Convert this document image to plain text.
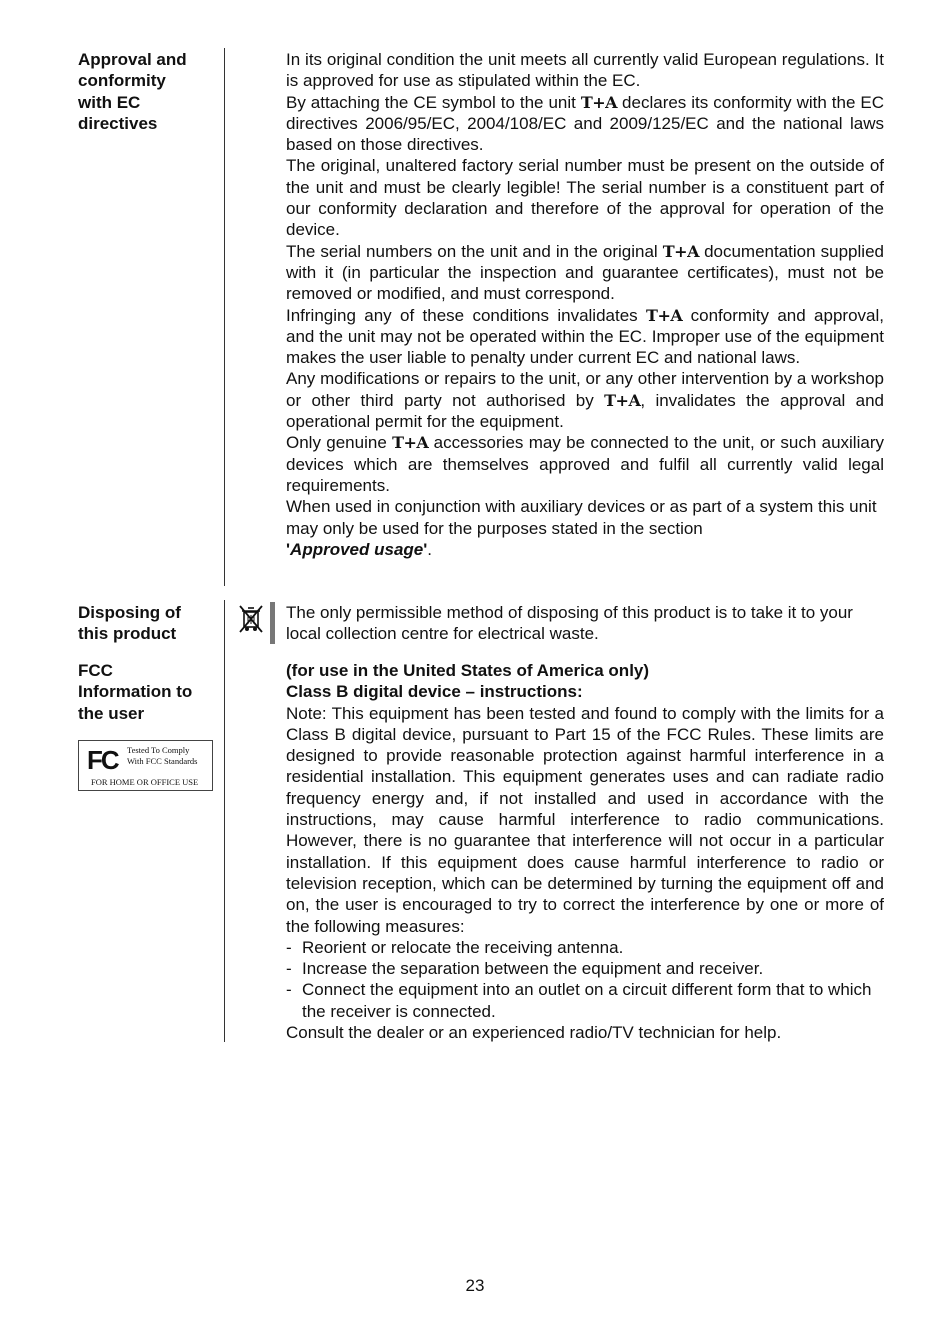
Approval and
conformity
with EC
directives

In its original condition the unit meets all currently valid European regulations. It is approved for use as stipulated within the EC.

By attaching the CE symbol to the unit T+A declares its conformity with the EC directives 2006/95/EC, 2004/108/EC and 2009/125/EC and the national laws based on those directives.

The original, unaltered factory serial number must be present on the outside of the unit and must be clearly legible! The serial number is a constituent part of our conformity declaration and therefore of the approval for operation of the device.

The serial numbers on the unit and in the original T+A documentation supplied with it (in particular the inspection and guarantee certificates), must not be removed or modified, and must correspond.

Infringing any of these conditions invalidates T+A conformity and approval, and the unit may not be operated within the EC. Improper use of the equipment makes the user liable to penalty under current EC and national laws.

Any modifications or repairs to the unit, or any other intervention by a workshop or other third party not authorised by T+A, invalidates the approval and operational permit for the equipment.

Only genuine T+A accessories may be connected to the unit, or such auxiliary devices which are themselves approved and fulfil all currently valid legal requirements.

When used in conjunction with auxiliary devices or as part of a system this unit may only be used for the purposes stated in the section
'Approved usage'.

Disposing of
this product

The only permissible method of disposing of this product is to take it to your local collection centre for electrical waste.

FCC
Information to
the user
FC Tested To Comply
With FCC Standards
FOR HOME OR OFFICE USE

(for use in the United States of America only)

Class B digital device – instructions:

Note: This equipment has been tested and found to comply with the limits for a Class B digital device, pursuant to Part 15 of the FCC Rules. These limits are designed to provide reasonable protection against harmful interference in a residential installation. This equipment generates uses and can radiate radio frequency energy and, if not installed and used in accordance with the instructions, may cause harmful interference to radio communications. However, there is no guarantee that interference will not occur in a particular installation. If this equipment does cause harmful interference to radio or television reception, which can be determined by turning the equipment off and on, the user is encouraged to try to correct the interference by one or more of the following measures:

- Reorient or relocate the receiving antenna.
- Increase the separation between the equipment and receiver.
- Connect the equipment into an outlet on a circuit different form that to which the receiver is connected.

Consult the dealer or an experienced radio/TV technician for help.

23
